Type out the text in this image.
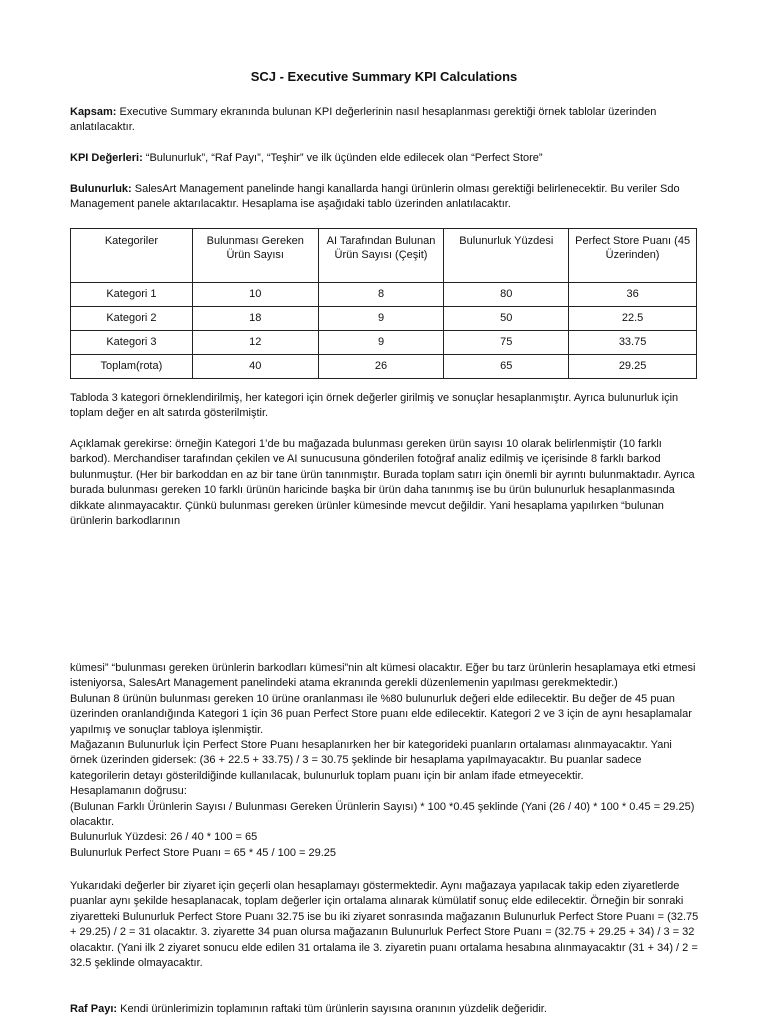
SCJ - Executive Summary KPI Calculations

Kapsam: Executive Summary ekranında bulunan KPI değerlerinin nasıl hesaplanması gerektiği örnek tablolar üzerinden anlatılacaktır.

KPI Değerleri: “Bulunurluk”, “Raf Payı”, “Teşhir” ve ilk üçünden elde edilecek olan “Perfect Store”

Bulunurluk: SalesArt Management panelinde hangi kanallarda hangi ürünlerin olması gerektiği belirlenecektir. Bu veriler Sdo Management panele aktarılacaktır. Hesaplama ise aşağıdaki tablo üzerinden anlatılacaktır.

Kategoriler	Bulunması Gereken Ürün Sayısı	AI Tarafından Bulunan Ürün Sayısı (Çeşit)	Bulunurluk Yüzdesi	Perfect Store Puanı (45 Üzerinden)
Kategori 1	10	8	80	36
Kategori 2	18	9	50	22.5
Kategori 3	12	9	75	33.75
Toplam(rota)	40	26	65	29.25

Tabloda 3 kategori örneklendirilmiş, her kategori için örnek değerler girilmiş ve sonuçlar hesaplanmıştır. Ayrıca bulunurluk için toplam değer en alt satırda gösterilmiştir.

Açıklamak gerekirse: örneğin Kategori 1’de bu mağazada bulunması gereken ürün sayısı 10 olarak belirlenmiştir (10 farklı barkod). Merchandiser tarafından çekilen ve AI sunucusuna gönderilen fotoğraf analiz edilmiş ve içerisinde 8 farklı barkod bulunmuştur. (Her bir barkoddan en az bir tane ürün tanınmıştır. Burada toplam satırı için önemli bir ayrıntı bulunmaktadır. Ayrıca burada bulunması gereken 10 farklı ürünün haricinde başka bir ürün daha tanınmış ise bu ürün bulunurluk hesaplanmasında dikkate alınmayacaktır. Çünkü bulunması gereken ürünler kümesinde mevcut değildir. Yani hesaplama yapılırken “bulunan ürünlerin barkodlarının

kümesi” “bulunması gereken ürünlerin barkodları kümesi”nin alt kümesi olacaktır. Eğer bu tarz ürünlerin hesaplamaya etki etmesi isteniyorsa, SalesArt Management panelindeki atama ekranında gerekli düzenlemenin yapılması gerekmektedir.)

Bulunan 8 ürünün bulunması gereken 10 ürüne oranlanması ile %80 bulunurluk değeri elde edilecektir. Bu değer de 45 puan üzerinden oranlandığında Kategori 1 için 36 puan Perfect Store puanı elde edilecektir. Kategori 2 ve 3 için de aynı hesaplamalar yapılmış ve sonuçlar tabloya işlenmiştir.

Mağazanın Bulunurluk İçin Perfect Store Puanı hesaplanırken her bir kategorideki puanların ortalaması alınmayacaktır. Yani örnek üzerinden gidersek: (36 + 22.5 + 33.75) / 3 = 30.75 şeklinde bir hesaplama yapılmayacaktır. Bu puanlar sadece kategorilerin detayı gösterildiğinde kullanılacak, bulunurluk toplam puanı için bir anlam ifade etmeyecektir.

Hesaplamanın doğrusu:

(Bulunan Farklı Ürünlerin Sayısı / Bulunması Gereken Ürünlerin Sayısı) * 100 *0.45 şeklinde (Yani (26 / 40) * 100 * 0.45 = 29.25) olacaktır.

Bulunurluk Yüzdesi: 26 / 40 * 100 = 65

Bulunurluk Perfect Store Puanı = 65 * 45 / 100 = 29.25

Yukarıdaki değerler bir ziyaret için geçerli olan hesaplamayı göstermektedir. Aynı mağazaya yapılacak takip eden ziyaretlerde puanlar aynı şekilde hesaplanacak, toplam değerler için ortalama alınarak kümülatif sonuç elde edilecektir. Örneğin bir sonraki ziyaretteki Bulunurluk Perfect Store Puanı 32.75 ise bu iki ziyaret sonrasında mağazanın Bulunurluk Perfect Store Puanı = (32.75 + 29.25) / 2 = 31 olacaktır. 3. ziyarette 34 puan olursa mağazanın Bulunurluk Perfect Store Puanı = (32.75 + 29.25 + 34) / 3 = 32 olacaktır. (Yani ilk 2 ziyaret sonucu elde edilen 31 ortalama ile 3. ziyaretin puanı ortalama hesabına alınmayacaktır (31 + 34) / 2 = 32.5 şeklinde olmayacaktır.

Raf Payı: Kendi ürünlerimizin toplamının raftaki tüm ürünlerin sayısına oranının yüzdelik değeridir.
